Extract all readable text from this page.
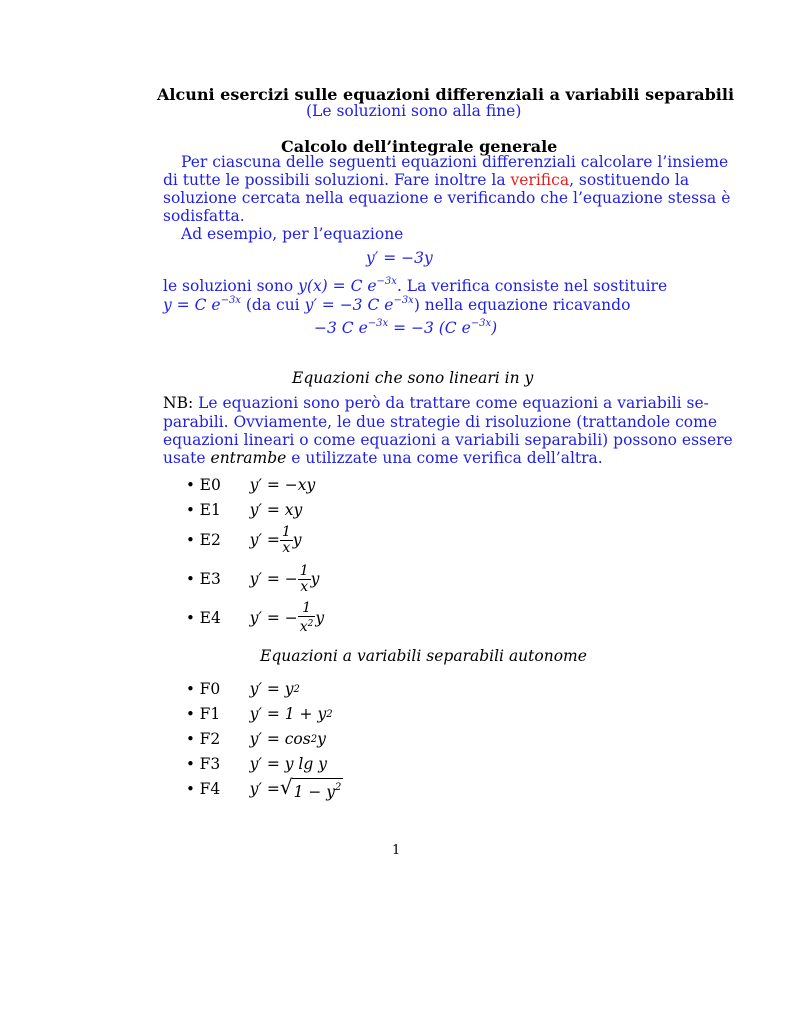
Alcuni esercizi sulle equazioni differenziali a variabili separabili
(Le soluzioni sono alla fine)
Calcolo dell’integrale generale
Per ciascuna delle seguenti equazioni differenziali calcolare l’insieme
di tutte le possibili soluzioni. Fare inoltre la verifica, sostituendo la
soluzione cercata nella equazione e verificando che l’equazione stessa è
sodisfatta.
Ad esempio, per l’equazione
y′ = −3y
le soluzioni sono y(x) = C $e^{-3x}$. La verifica consiste nel sostituire
y = C $e^{-3x}$ (da cui y′ = −3 C $e^{-3x}$) nella equazione ricavando
−3 C $e^{-3x} = -3$ (C $e^{-3x}$)
Equazioni che sono lineari in y
NB: Le equazioni sono però da trattare come equazioni a variabili se-
parabili. Ovviamente, le due strategie di risoluzione (trattandole come
equazioni lineari o come equazioni a variabili separabili) possono essere
usate entrambe e utilizzate una come verifica dell’altra.
• E0	y′ = −xy
• E1	y′ = xy
• E2	$y' = \frac{1}{x}$ y
• E3	y′ = − $\frac{1}{x}$ y
• E4	y′ = − $\frac{1}{x^2}$ y
Equazioni a variabili separabili autonome
• F0	y′ = y 2
• F1	y′ = 1 + y 2
• F2	y′ = cos 2 y
• F3	y′ = y lg y
• F4	y′ = √ $1 - y^2$
1
